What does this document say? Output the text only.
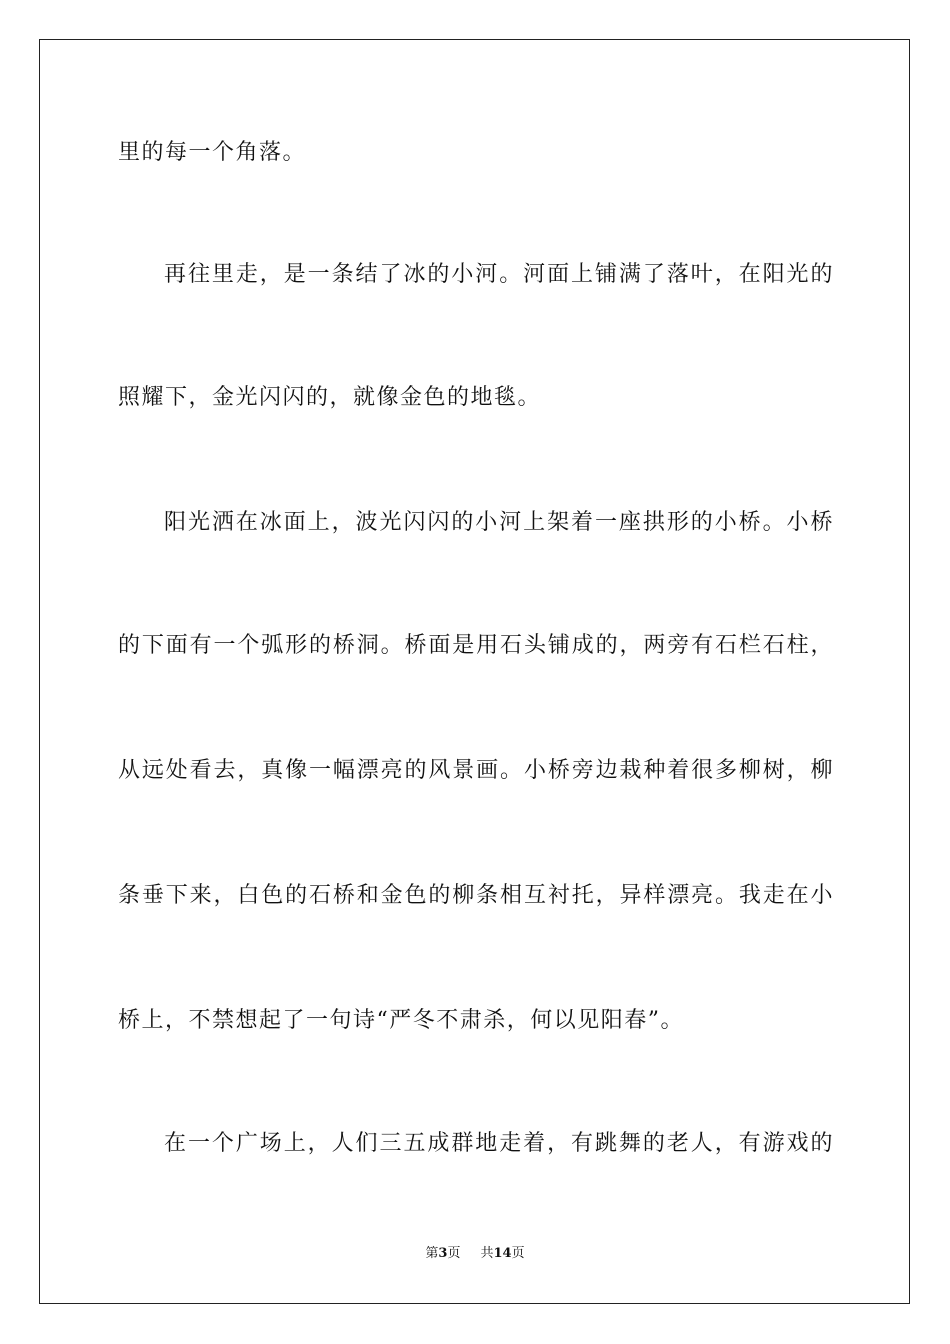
里的每一个角落。
再往里走，是一条结了冰的小河。河面上铺满了落叶，在阳光的
照耀下，金光闪闪的，就像金色的地毯。
阳光洒在冰面上，波光闪闪的小河上架着一座拱形的小桥。小桥
的下面有一个弧形的桥洞。桥面是用石头铺成的，两旁有石栏石柱，
从远处看去，真像一幅漂亮的风景画。小桥旁边栽种着很多柳树，柳
条垂下来，白色的石桥和金色的柳条相互衬托，异样漂亮。我走在小
桥上，不禁想起了一句诗“严冬不肃杀，何以见阳春”。
在一个广场上，人们三五成群地走着，有跳舞的老人，有游戏的
第3页 共14页
